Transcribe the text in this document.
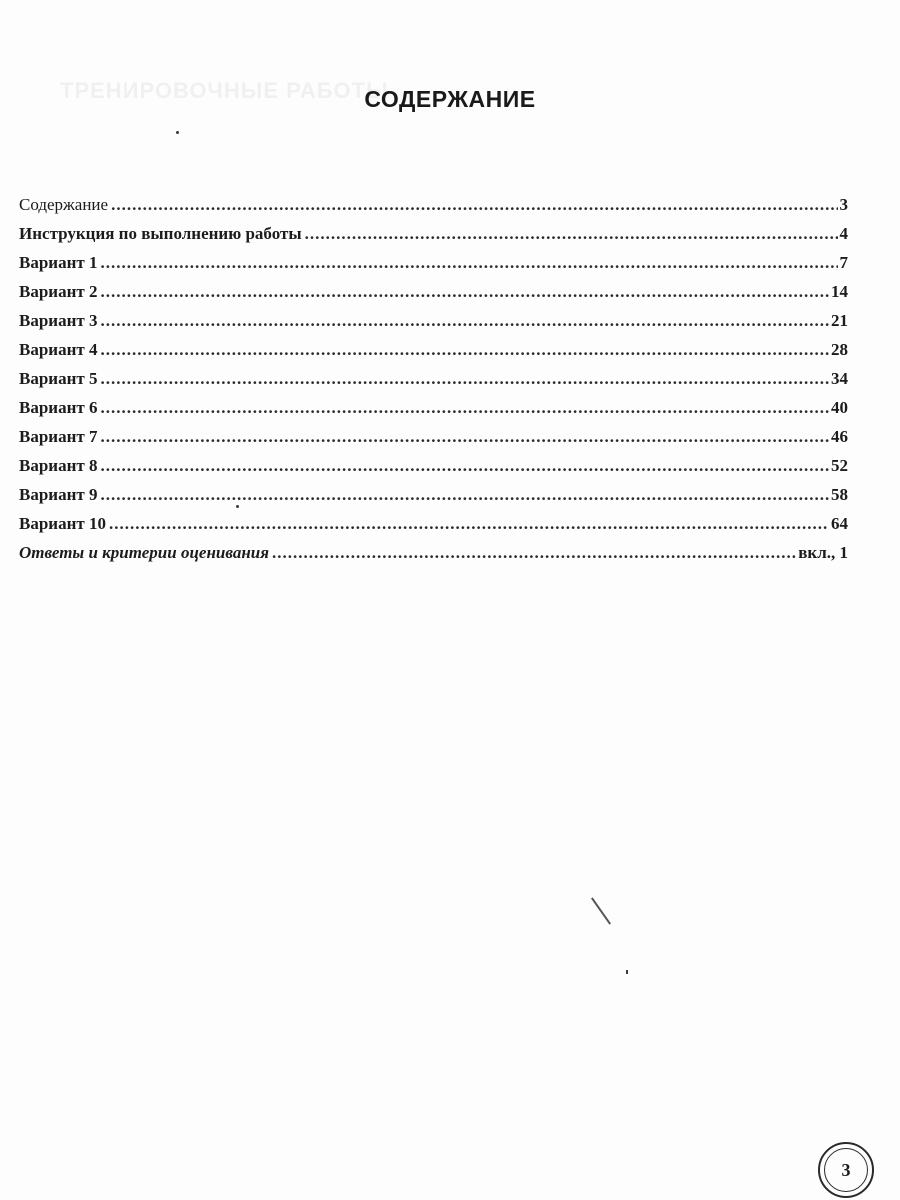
ТРЕНИРОВОЧНЫЕ РАБОТЫ
СОДЕРЖАНИЕ
Содержание .....	3
Инструкция по выполнению работы .....	4
Вариант 1 .....	7
Вариант 2 .....	14
Вариант 3 .....	21
Вариант 4 .....	28
Вариант 5 .....	34
Вариант 6 .....	40
Вариант 7 .....	46
Вариант 8 .....	52
Вариант 9 .....	58
Вариант 10 .....	64
Ответы и критерии оценивания .....	вкл., 1
3
